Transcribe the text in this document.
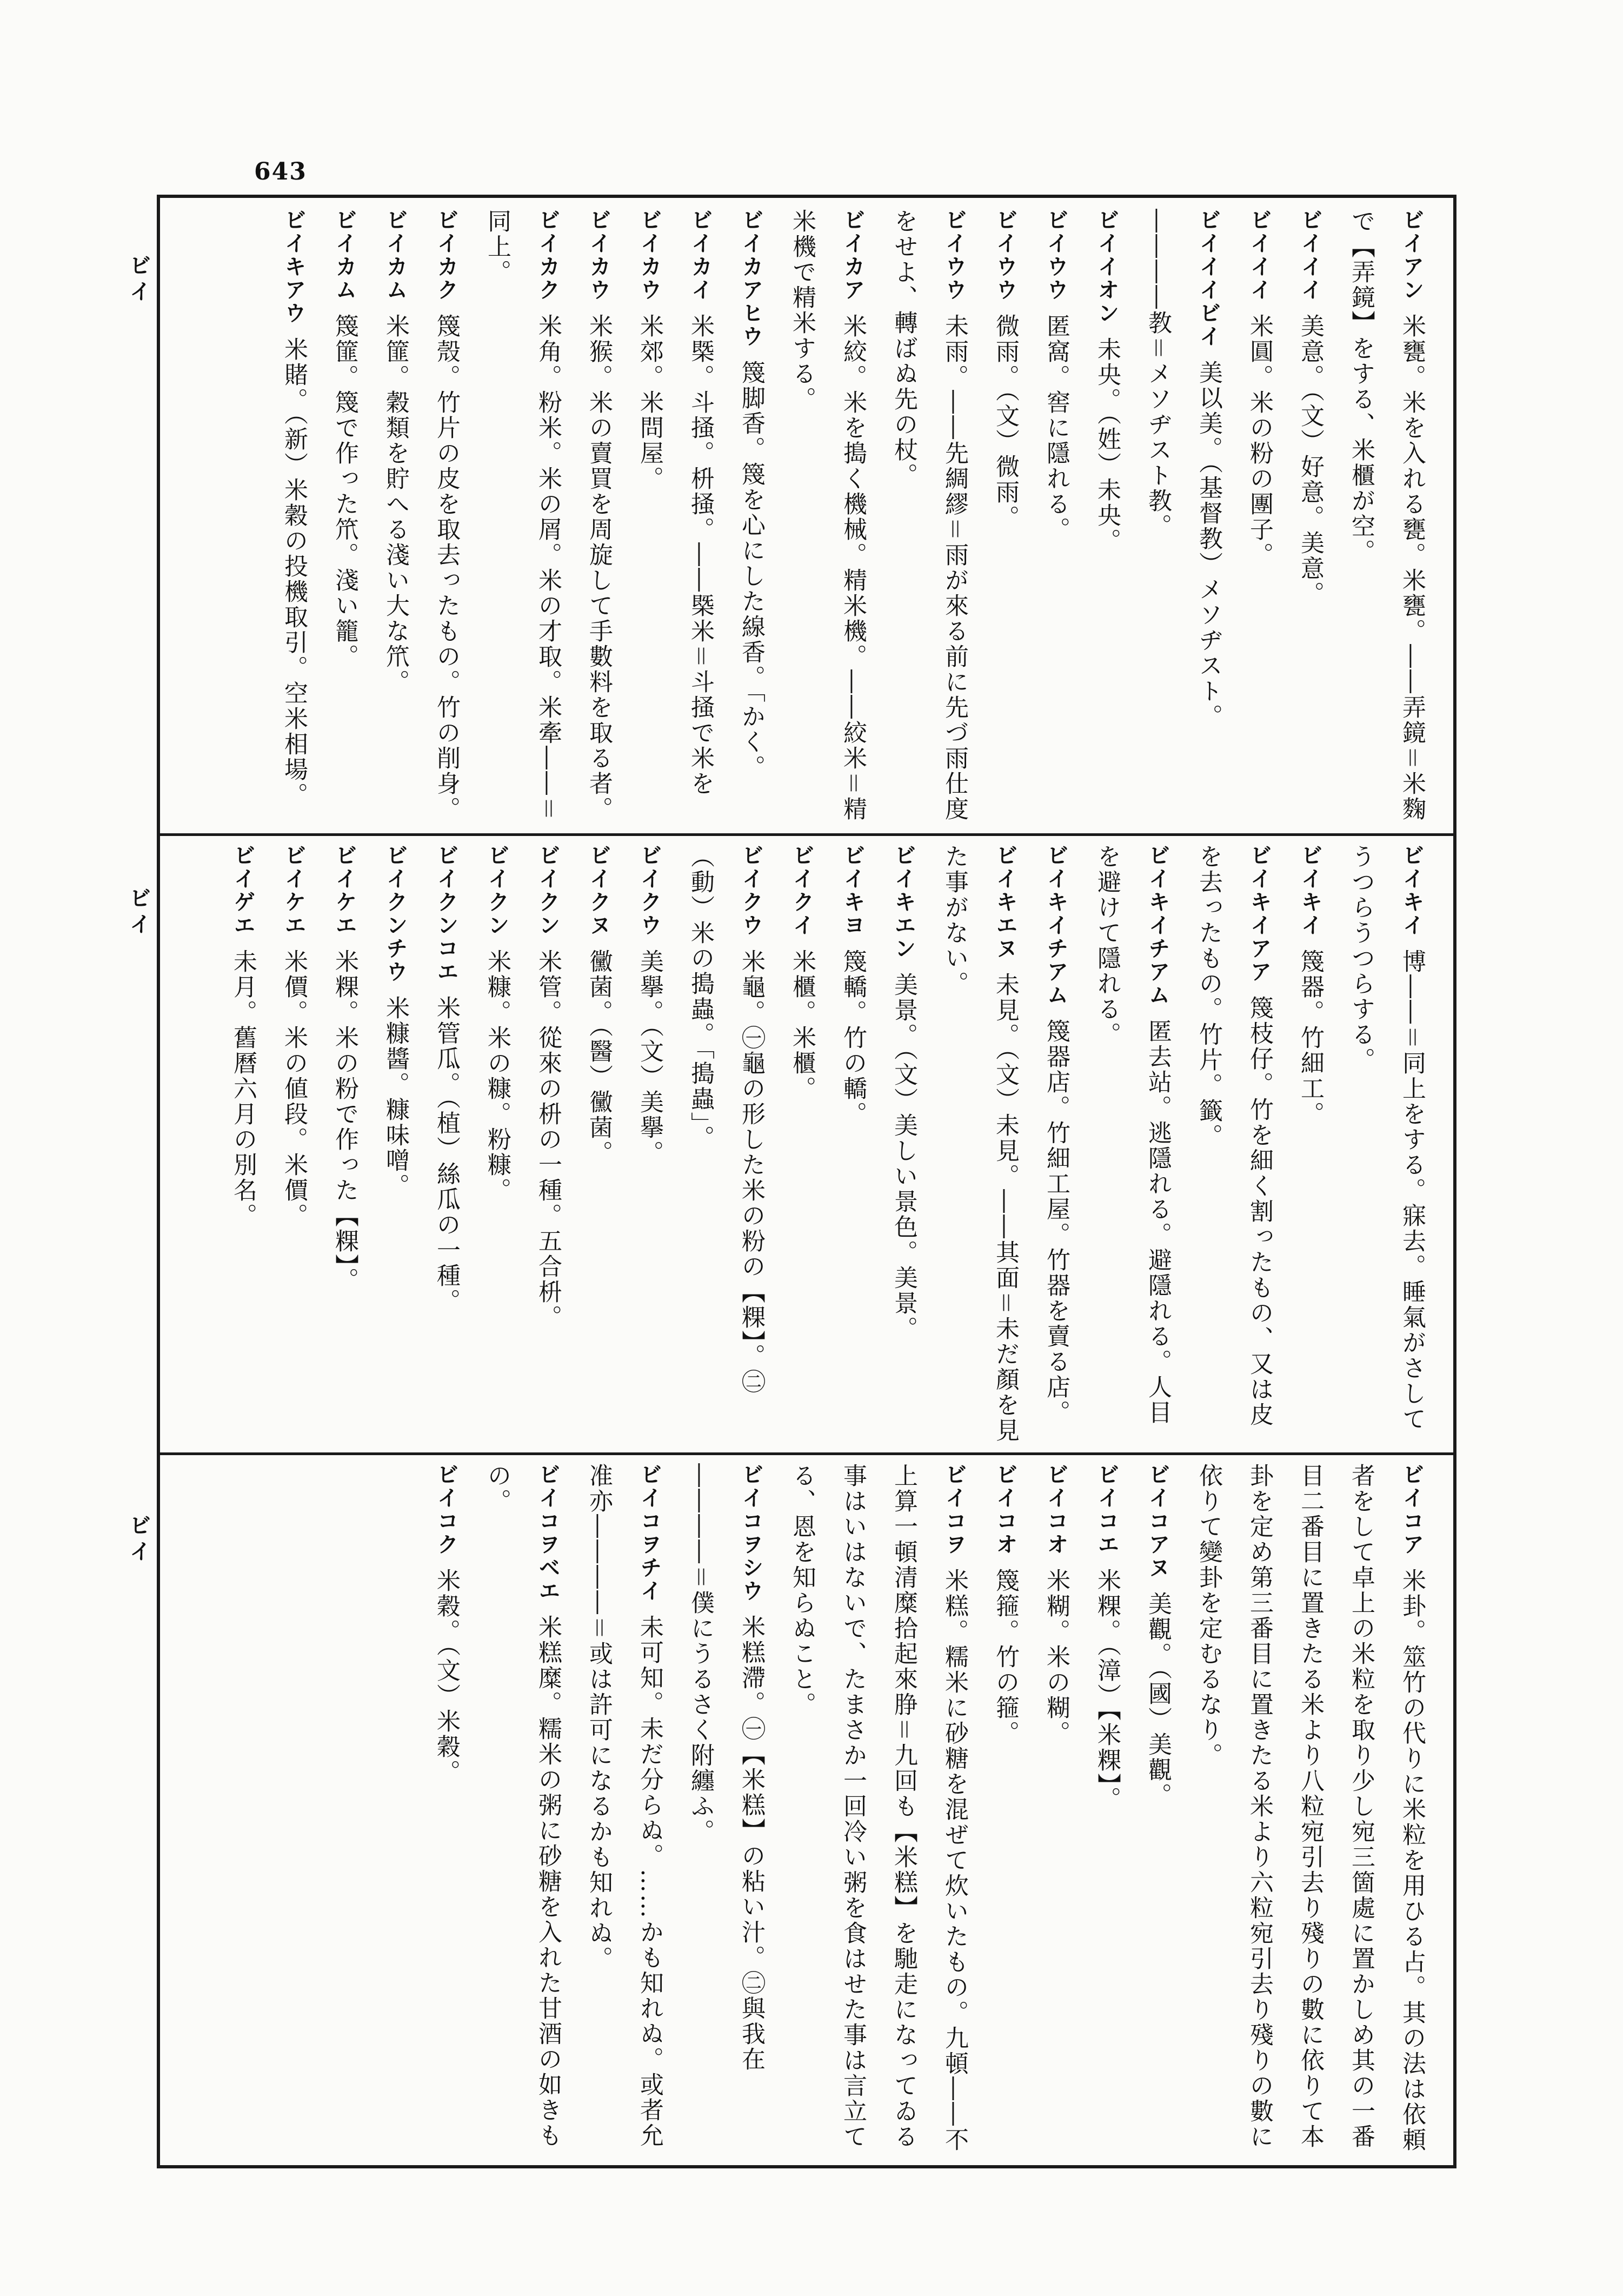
643
ビイ
ビイ
ビイ
ビイアン米甕。米を入れる甕。米甕。――弄鏡＝米麴で【弄鏡】をする、米櫃が空。
ビイイイ美意。（文）好意。美意。
ビイイイ米圓。米の粉の團子。
ビイイイビイ美以美。（基督教）メソヂスト。――――教＝メソヂスト教。
ビイイオン未央。（姓）未央。
ビイウウ匿窩。窖に隱れる。
ビイウウ微雨。（文）微雨。
ビイウウ未雨。――先綢繆＝雨が來る前に先づ雨仕度をせよ、轉ばぬ先の杖。
ビイカア米絞。米を搗く機械。精米機。――絞米＝精米機で精米する。
ビイカアヒウ篾脚香。篾を心にした線香。「かく。
ビイカイ米槩。斗掻。枡掻。――槩米＝斗掻で米を
ビイカウ米郊。米問屋。
ビイカウ米猴。米の賣買を周旋して手數料を取る者。
ビイカク米角。粉米。米の屑。米の才取。米牽――＝同上。
ビイカク篾殼。竹片の皮を取去ったもの。竹の削身。
ビイカム米篚。穀類を貯へる淺い大な笊。
ビイカム篾篚。篾で作った笊。淺い籠。
ビイキアウ米賭。（新）米穀の投機取引。空米相場。
ビイキイ博――＝同上をする。寐去。睡氣がさしてうつらうつらする。
ビイキイ篾器。竹細工。
ビイキイアア篾枝仔。竹を細く割ったもの、又は皮を去ったもの。竹片。籤。
ビイキイチアム匿去站。逃隱れる。避隱れる。人目を避けて隱れる。
ビイキイチアム篾器店。竹細工屋。竹器を賣る店。
ビイキエヌ未見。（文）未見。――其面＝未だ顏を見た事がない。
ビイキエン美景。（文）美しい景色。美景。
ビイキヨ篾轎。竹の轎。
ビイクイ米櫃。米櫃。
ビイクウ米龜。㊀龜の形した米の粉の【粿】。㊁（動）米の搗蟲。「搗蟲」。
ビイクウ美擧。（文）美擧。
ビイクヌ黴菌。（醫）黴菌。
ビイクン米管。從來の枡の一種。五合枡。
ビイクン米糠。米の糠。粉糠。
ビイクンコエ米管瓜。（植）絲瓜の一種。
ビイクンチウ米糠醬。糠味噌。
ビイケエ米粿。米の粉で作った【粿】。
ビイケエ米價。米の値段。米價。
ビイゲエ未月。舊曆六月の別名。
ビイコア米卦。筮竹の代りに米粒を用ひる占。其の法は依頼者をして卓上の米粒を取り少し宛三箇處に置かしめ其の一番目二番目に置きたる米より八粒宛引去り殘りの數に依りて本卦を定め第三番目に置きたる米より六粒宛引去り殘りの數に依りて變卦を定むるなり。
ビイコアヌ美觀。（國）美觀。
ビイコエ米粿。（漳）【米粿】。
ビイコオ米糊。米の糊。
ビイコオ篾箍。竹の箍。
ビイコヲ米糕。糯米に砂糖を混ぜて炊いたもの。九頓――不上算一頓清糜拾起來㬹＝九回も【米糕】を馳走になってゐる事はいはないで、たまさか一回冷い粥を食はせた事は言立てる、恩を知らぬこと。
ビイコヲシウ米糕滯。㊀【米糕】の粘い汁。㊁與我在――――＝僕にうるさく附纏ふ。
ビイコヲチイ未可知。未だ分らぬ。……かも知れぬ。或者允准亦――――＝或は許可になるかも知れぬ。
ビイコヲベエ米糕糜。糯米の粥に砂糖を入れた甘酒の如きもの。
ビイコク米穀。（文）米穀。
